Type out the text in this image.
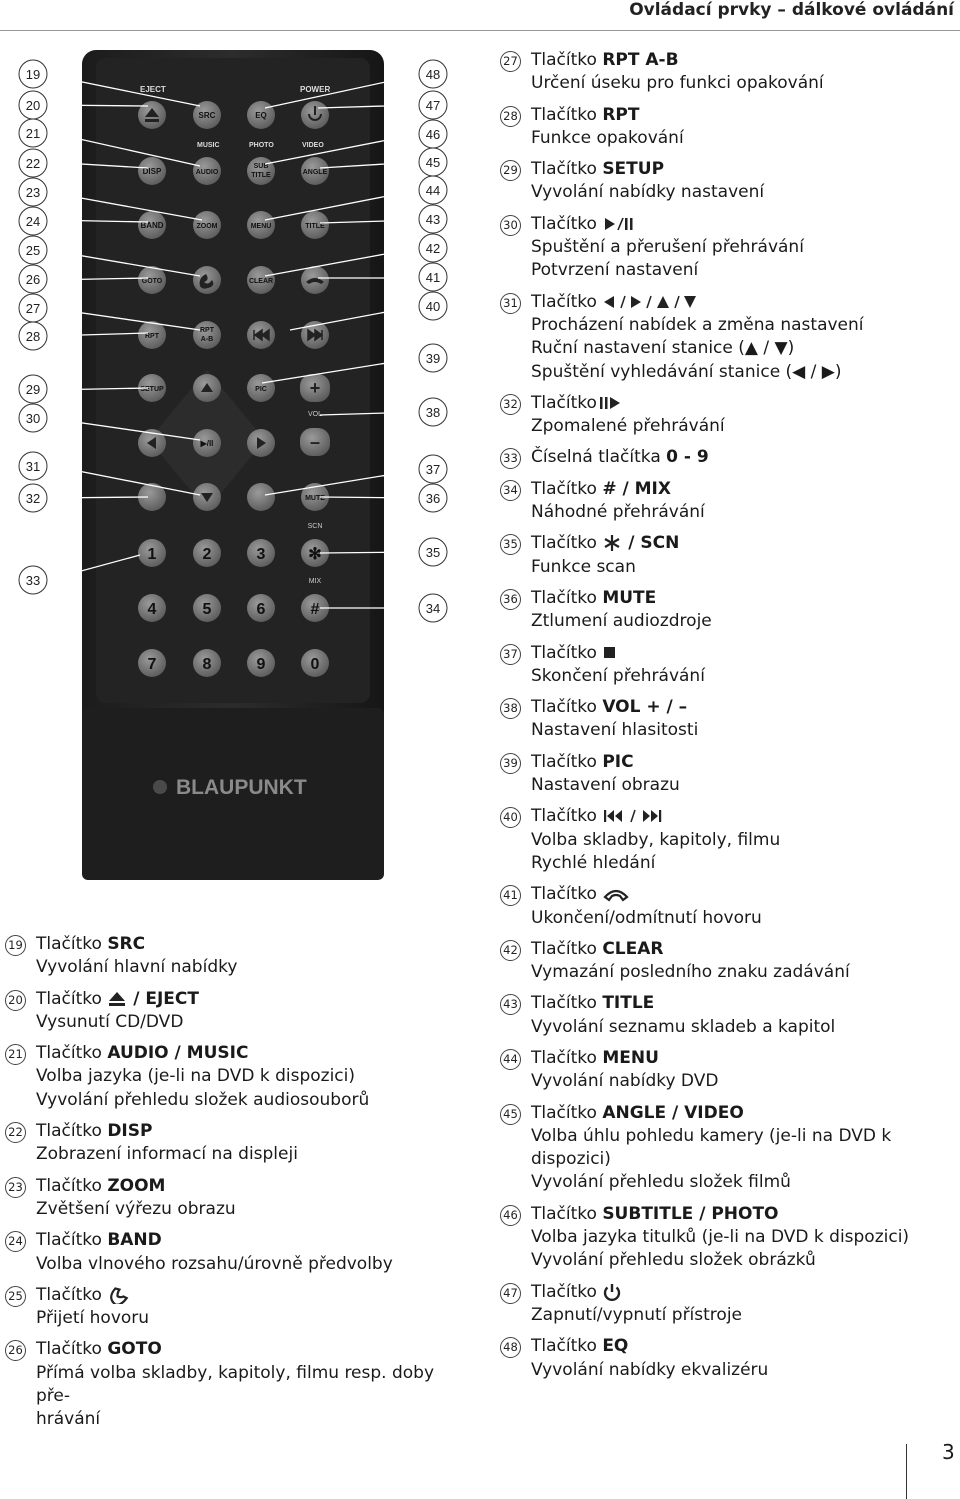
Ovládací prvky – dálkové ovládání
BLAUPUNKT
EJECT	POWER
SRC	EQ
MUSIC	PHOTO	VIDEO
DISP	AUDIO
SUB
TITLE	ANGLE
BAND	ZOOM	MENU	TITLE
GOTO	CLEAR
RPT
RPT
A-B
SETUP	PIC +
VOL
▶/II	–
MUTE
SCN
1	2	3	✻
MIX
4	5	6	#
7	8	9	0
19
20
21
22
23
24
25
26
27
28
29
30
31
32
33
48
47
46
45
44
43
42
41
40
39
38
37
36
35
34
19 Tlačítko SRC
Vyvolání hlavní nabídky
20 Tlačítko  / EJECT
Vysunutí CD/DVD
21 Tlačítko AUDIO / MUSIC
Volba jazyka (je-li na DVD k dispozici)
Vyvolání přehledu složek audiosouborů
22 Tlačítko DISP
Zobrazení informací na displeji
23 Tlačítko ZOOM
Zvětšení výřezu obrazu
24 Tlačítko BAND
Volba vlnového rozsahu/úrovně předvolby
25 Tlačítko
Přijetí hovoru
26 Tlačítko GOTO
Přímá volba skladby, kapitoly, filmu resp. doby pře-
hrávání
27 Tlačítko RPT A-B
Určení úseku pro funkci opakování
28 Tlačítko RPT
Funkce opakování
29 Tlačítko SETUP
Vyvolání nabídky nastavení
30 Tlačítko
Spuštění a přerušení přehrávání
Potvrzení nastavení
31 Tlačítko
Procházení nabídek a změna nastavení
Ruční nastavení stanice (▲ / ▼)
Spuštění vyhledávání stanice (◀ / ▶)
32 Tlačítko
Zpomalené přehrávání
33 Číselná tlačítka 0 - 9
34 Tlačítko # / MIX
Náhodné přehrávání
35 Tlačítko  / SCN
Funkce scan
36 Tlačítko MUTE
Ztlumení audiozdroje
37 Tlačítko
Skončení přehrávání
38 Tlačítko VOL + / –
Nastavení hlasitosti
39 Tlačítko PIC
Nastavení obrazu
40 Tlačítko
Volba skladby, kapitoly, filmu
Rychlé hledání
41 Tlačítko
Ukončení/odmítnutí hovoru
42 Tlačítko CLEAR
Vymazání posledního znaku zadávání
43 Tlačítko TITLE
Vyvolání seznamu skladeb a kapitol
44 Tlačítko MENU
Vyvolání nabídky DVD
45 Tlačítko ANGLE / VIDEO
Volba úhlu pohledu kamery (je-li na DVD k dispozici)
Vyvolání přehledu složek filmů
46 Tlačítko SUBTITLE / PHOTO
Volba jazyka titulků (je-li na DVD k dispozici)
Vyvolání přehledu složek obrázků
47 Tlačítko
Zapnutí/vypnutí přístroje
48 Tlačítko EQ
Vyvolání nabídky ekvalizéru
3
